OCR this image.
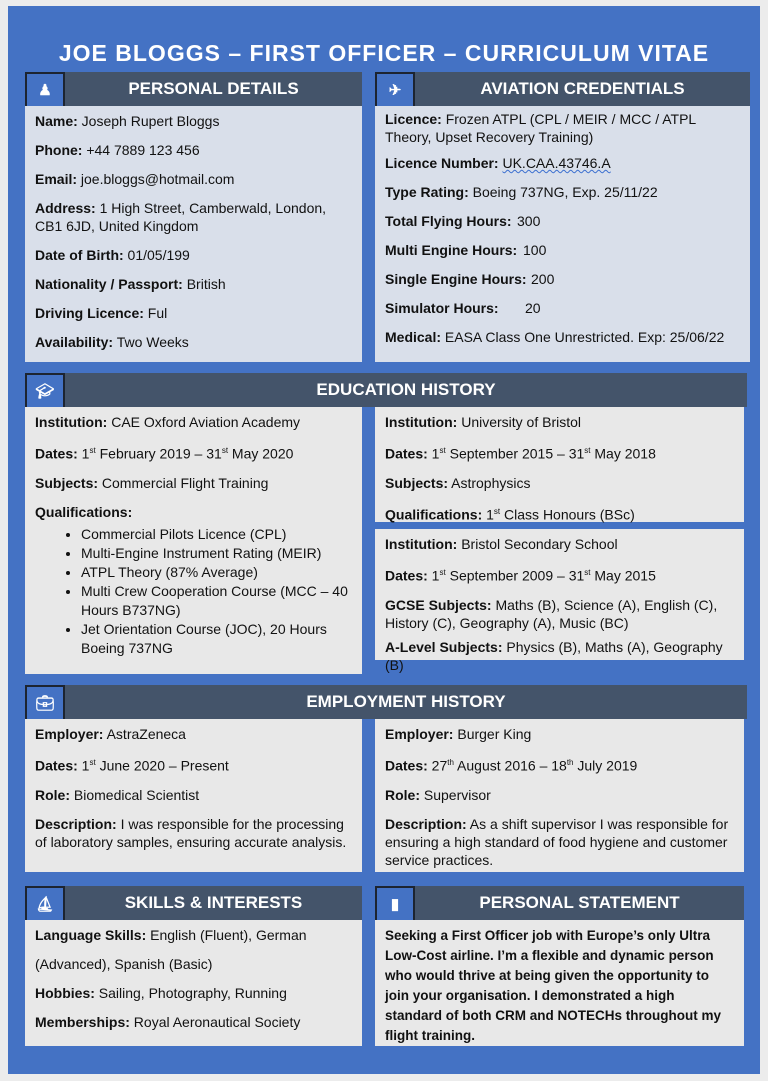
JOE BLOGGS – FIRST OFFICER – CURRICULUM VITAE
♟	PERSONAL DETAILS
Name: Joseph Rupert Bloggs
Phone: +44 7889 123 456
Email: joe.bloggs@hotmail.com
Address: 1 High Street, Camberwald, London, CB1 6JD, United Kingdom
Date of Birth: 01/05/199
Nationality / Passport: British
Driving Licence: Ful
Availability: Two Weeks
✈	AVIATION CREDENTIALS
Licence: Frozen ATPL (CPL / MEIR / MCC / ATPL Theory, Upset Recovery Training)
Licence Number: UK.CAA.43746.A
Type Rating: Boeing 737NG, Exp. 25/11/22
Total Flying Hours: 300
Multi Engine Hours: 100
Single Engine Hours: 200
Simulator Hours: 20
Medical: EASA Class One Unrestricted. Exp: 25/06/22
🎓︎	EDUCATION HISTORY
Institution: CAE Oxford Aviation Academy
Dates: 1st February 2019 – 31st May 2020
Subjects: Commercial Flight Training
Qualifications:
• Commercial Pilots Licence (CPL)
• Multi-Engine Instrument Rating (MEIR)
• ATPL Theory (87% Average)
• Multi Crew Cooperation Course (MCC – 40 Hours B737NG)
• Jet Orientation Course (JOC), 20 Hours Boeing 737NG
Institution: University of Bristol
Dates: 1st September 2015 – 31st May 2018
Subjects: Astrophysics
Qualifications: 1st Class Honours (BSc)
Institution: Bristol Secondary School
Dates: 1st September 2009 – 31st May 2015
GCSE Subjects: Maths (B), Science (A), English (C), History (C), Geography (A), Music (BC)
A-Level Subjects: Physics (B), Maths (A), Geography (B)
💼︎	EMPLOYMENT HISTORY
Employer: AstraZeneca
Dates: 1st June 2020 – Present
Role: Biomedical Scientist
Description: I was responsible for the processing of laboratory samples, ensuring accurate analysis.
Employer: Burger King
Dates: 27th August 2016 – 18th July 2019
Role: Supervisor
Description: As a shift supervisor I was responsible for ensuring a high standard of food hygiene and customer service practices.
⛵︎	SKILLS & INTERESTS
Language Skills: English (Fluent), German (Advanced), Spanish (Basic)
Hobbies: Sailing, Photography, Running
Memberships: Royal Aeronautical Society
▮	PERSONAL STATEMENT
Seeking a First Officer job with Europe’s only Ultra Low-Cost airline. I’m a flexible and dynamic person who would thrive at being given the opportunity to join your organisation. I demonstrated a high standard of both CRM and NOTECHs throughout my flight training.
